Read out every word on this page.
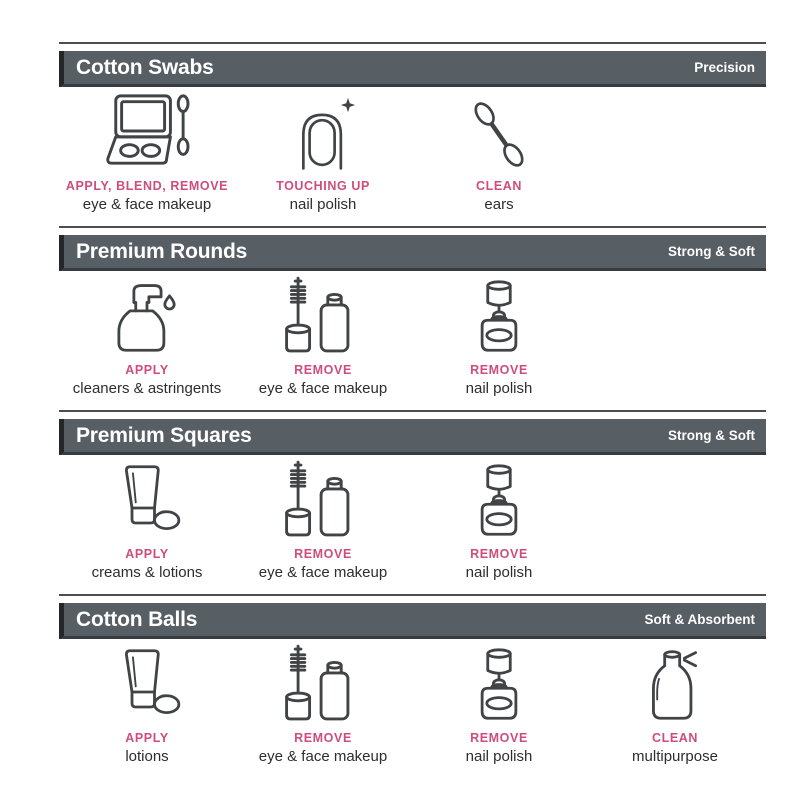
Cotton Swabs	Precision
APPLY, BLEND, REMOVE
eye & face makeup
TOUCHING UP
nail polish
CLEAN
ears
Premium Rounds	Strong & Soft
APPLY
cleaners & astringents
REMOVE
eye & face makeup
REMOVE
nail polish
Premium Squares	Strong & Soft
APPLY
creams & lotions
REMOVE
eye & face makeup
REMOVE
nail polish
Cotton Balls	Soft & Absorbent
APPLY
lotions
REMOVE
eye & face makeup
REMOVE
nail polish
CLEAN
multipurpose
